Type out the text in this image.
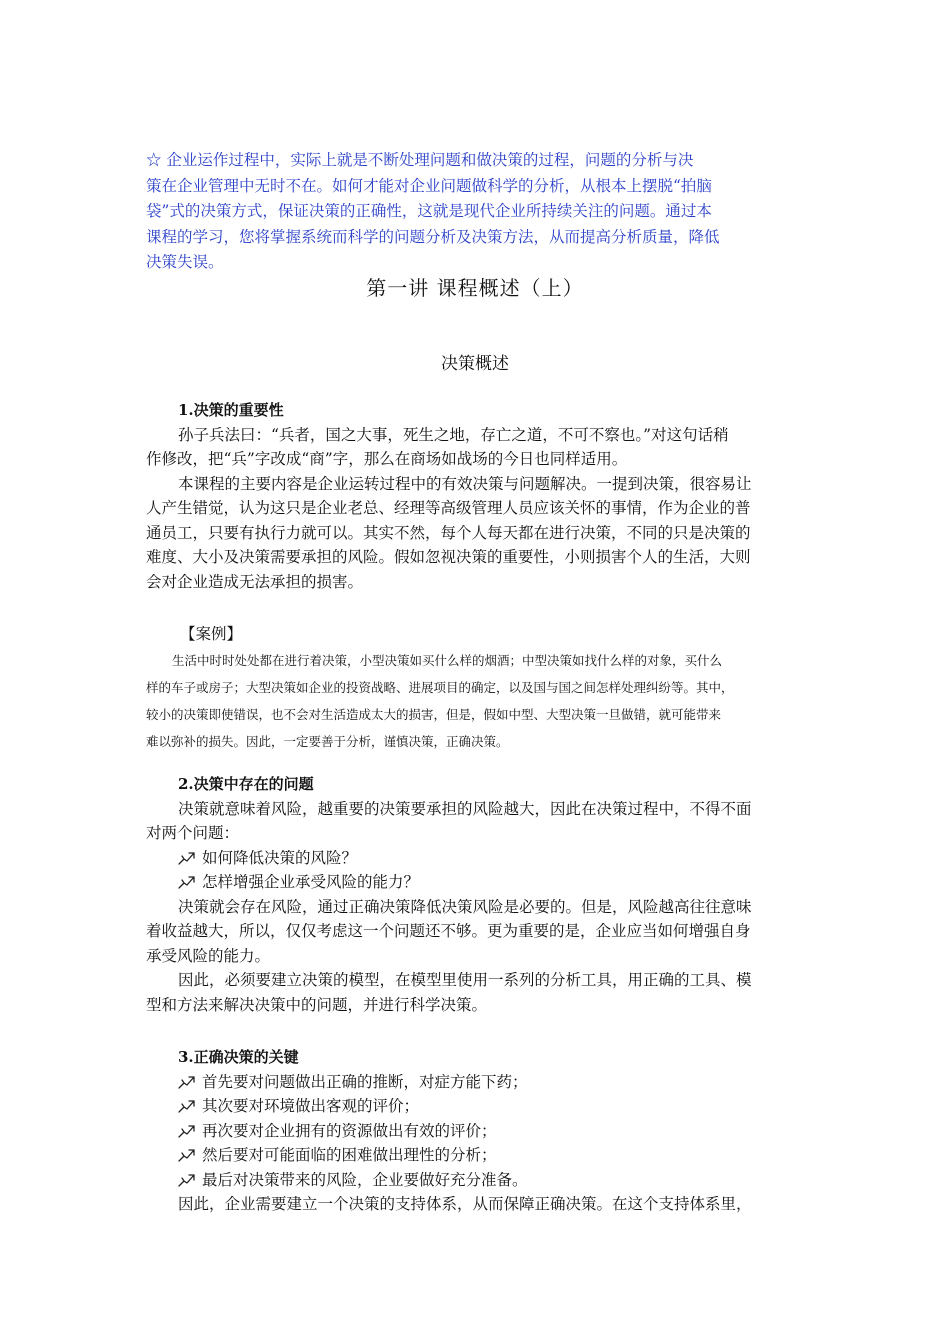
☆ 企业运作过程中，实际上就是不断处理问题和做决策的过程，问题的分析与决
策在企业管理中无时不在。如何才能对企业问题做科学的分析，从根本上摆脱“拍脑
袋”式的决策方式，保证决策的正确性，这就是现代企业所持续关注的问题。通过本
课程的学习，您将掌握系统而科学的问题分析及决策方法，从而提高分析质量，降低
决策失误。
第一讲 课程概述（上）
决策概述
1.决策的重要性
孙子兵法曰：“兵者，国之大事，死生之地，存亡之道，不可不察也。”对这句话稍
作修改，把“兵”字改成“商”字，那么在商场如战场的今日也同样适用。
本课程的主要内容是企业运转过程中的有效决策与问题解决。一提到决策，很容易让
人产生错觉，认为这只是企业老总、经理等高级管理人员应该关怀的事情，作为企业的普
通员工，只要有执行力就可以。其实不然，每个人每天都在进行决策，不同的只是决策的
难度、大小及决策需要承担的风险。假如忽视决策的重要性，小则损害个人的生活，大则
会对企业造成无法承担的损害。
【案例】
生活中时时处处都在进行着决策，小型决策如买什么样的烟酒；中型决策如找什么样的对象，买什么
样的车子或房子；大型决策如企业的投资战略、进展项目的确定，以及国与国之间怎样处理纠纷等。其中，
较小的决策即使错误，也不会对生活造成太大的损害，但是，假如中型、大型决策一旦做错，就可能带来
难以弥补的损失。因此，一定要善于分析，谨慎决策，正确决策。
2.决策中存在的问题
决策就意味着风险，越重要的决策要承担的风险越大，因此在决策过程中，不得不面
对两个问题：
如何降低决策的风险？
怎样增强企业承受风险的能力？
决策就会存在风险，通过正确决策降低决策风险是必要的。但是，风险越高往往意味
着收益越大，所以，仅仅考虑这一个问题还不够。更为重要的是，企业应当如何增强自身
承受风险的能力。
因此，必须要建立决策的模型，在模型里使用一系列的分析工具，用正确的工具、模
型和方法来解决决策中的问题，并进行科学决策。
3.正确决策的关键
首先要对问题做出正确的推断，对症方能下药；
其次要对环境做出客观的评价；
再次要对企业拥有的资源做出有效的评价；
然后要对可能面临的困难做出理性的分析；
最后对决策带来的风险，企业要做好充分准备。
因此，企业需要建立一个决策的支持体系，从而保障正确决策。在这个支持体系里，
